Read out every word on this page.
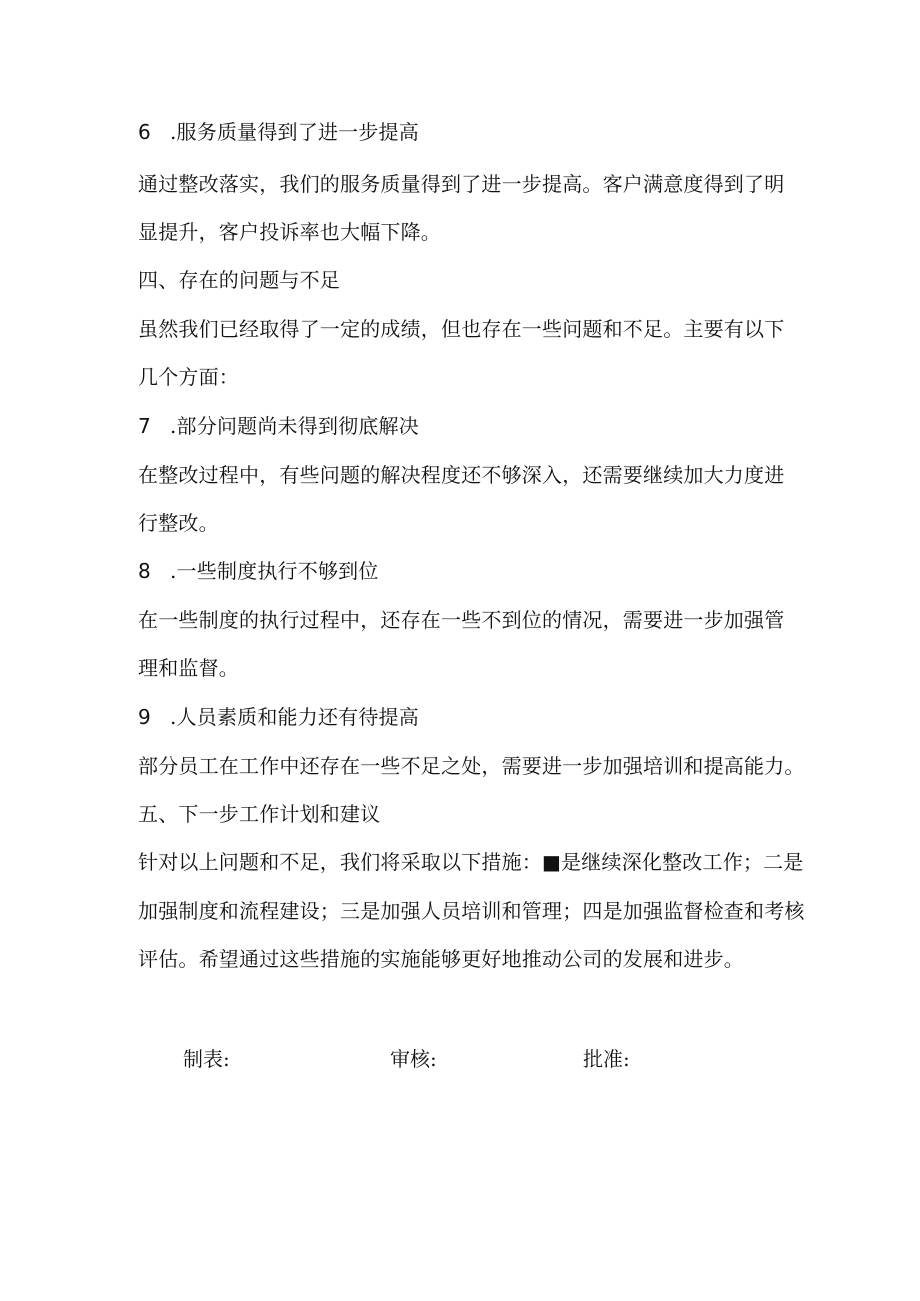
6 .服务质量得到了进一步提高
通过整改落实，我们的服务质量得到了进一步提高。客户满意度得到了明
显提升，客户投诉率也大幅下降。
四、存在的问题与不足
虽然我们已经取得了一定的成绩，但也存在一些问题和不足。主要有以下
几个方面：
7 .部分问题尚未得到彻底解决
在整改过程中，有些问题的解决程度还不够深入，还需要继续加大力度进
行整改。
8 .一些制度执行不够到位
在一些制度的执行过程中，还存在一些不到位的情况，需要进一步加强管
理和监督。
9 .人员素质和能力还有待提高
部分员工在工作中还存在一些不足之处，需要进一步加强培训和提高能力。
五、下一步工作计划和建议
针对以上问题和不足，我们将采取以下措施：■是继续深化整改工作；二是
加强制度和流程建设；三是加强人员培训和管理；四是加强监督检查和考核
评估。希望通过这些措施的实施能够更好地推动公司的发展和进步。
制表:	审核:	批准:
